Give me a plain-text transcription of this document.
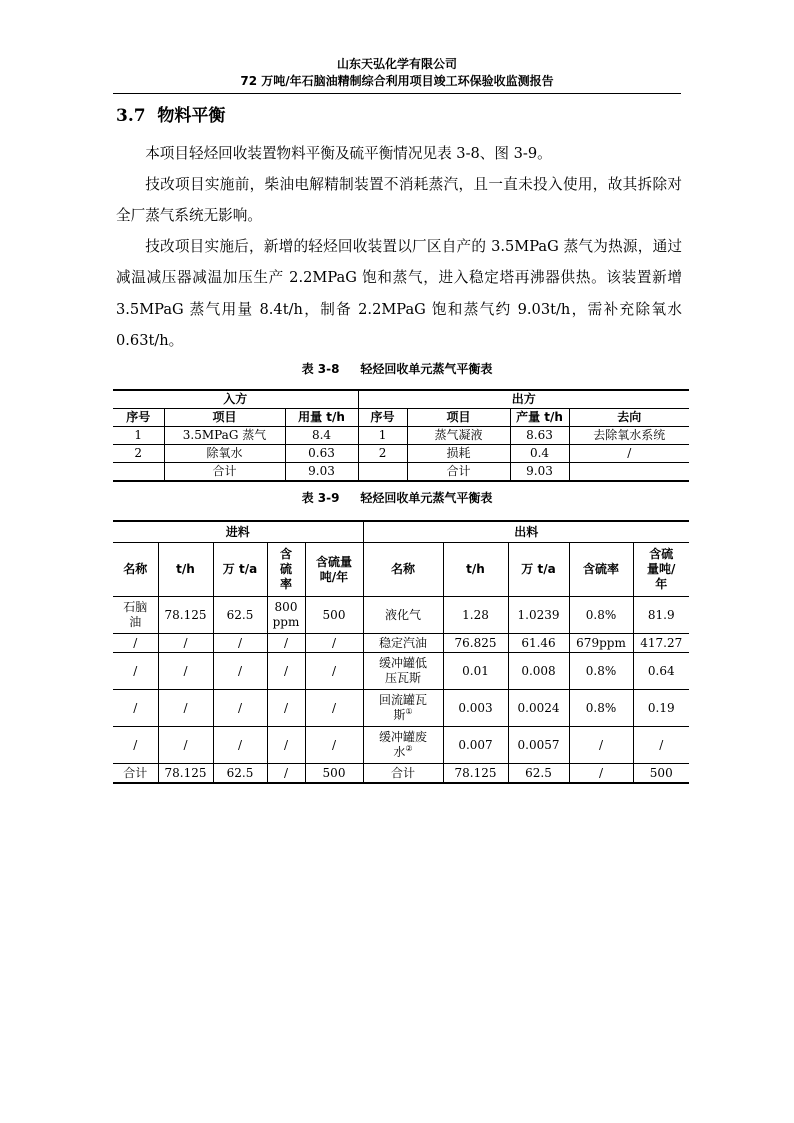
山东天弘化学有限公司
72 万吨/年石脑油精制综合利用项目竣工环保验收监测报告
3.7 物料平衡

本项目轻烃回收装置物料平衡及硫平衡情况见表 3-8、图 3-9。

技改项目实施前，柴油电解精制装置不消耗蒸汽，且一直未投入使用，故其拆除对全厂蒸气系统无影响。

技改项目实施后，新增的轻烃回收装置以厂区自产的 3.5MPaG 蒸气为热源，通过减温减压器减温加压生产 2.2MPaG 饱和蒸气，进入稳定塔再沸器供热。该装置新增 3.5MPaG 蒸气用量 8.4t/h，制备 2.2MPaG 饱和蒸气约 9.03t/h，需补充除氧水 0.63t/h。

表 3-8 轻烃回收单元蒸气平衡表
入方			出方			
序号	项目	用量 t/h	序号	项目	产量 t/h	去向
1	3.5MPaG 蒸气	8.4	1	蒸气凝液	8.63	去除氧水系统
2	除氧水	0.63	2	损耗	0.4	/
	合计	9.03		合计	9.03	
表 3-9 轻烃回收单元蒸气平衡表
进料					出料				
名称	t/h	万 t/a	含硫率	含硫量吨/年	名称	t/h	万 t/a	含硫率	含硫量吨/年
石脑油	78.125	62.5	800 ppm	500	液化气	1.28	1.0239	0.8%	81.9
/	/	/	/	/	稳定汽油	76.825	61.46	679ppm	417.27
/	/	/	/	/	缓冲罐低压瓦斯	0.01	0.008	0.8%	0.64
/	/	/	/	/	回流罐瓦斯①	0.003	0.0024	0.8%	0.19
/	/	/	/	/	缓冲罐废水②	0.007	0.0057	/	/
合计	78.125	62.5	/	500	合计	78.125	62.5	/	500
